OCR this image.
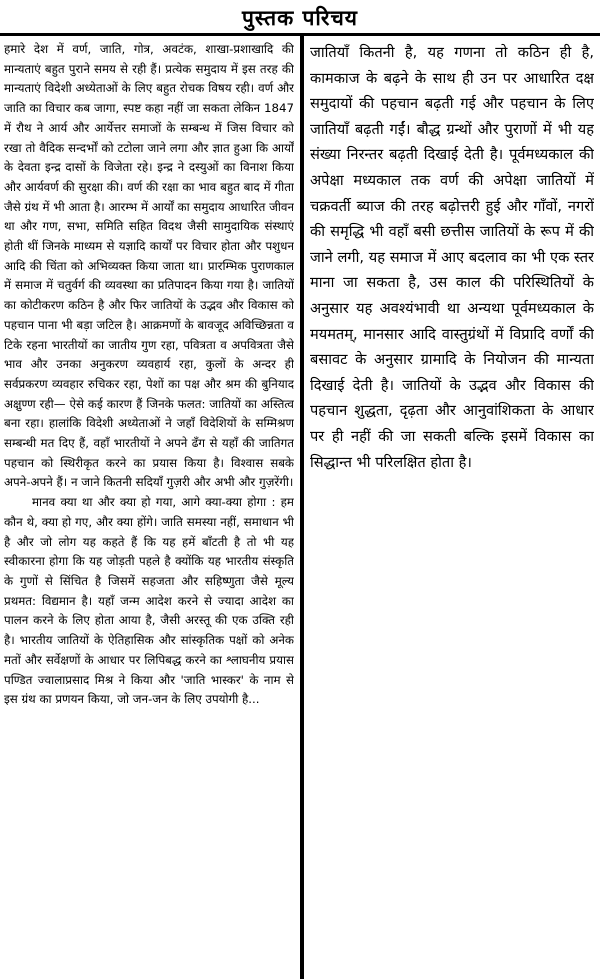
पुस्तक परिचय

हमारे देश में वर्ण, जाति, गोत्र, अवटंक, शाखा-प्रशाखादि की मान्यताएं बहुत पुराने समय से रही हैं। प्रत्येक समुदाय में इस तरह की मान्यताएं विदेशी अध्येताओं के लिए बहुत रोचक विषय रही। वर्ण और जाति का विचार कब जागा, स्पष्ट कहा नहीं जा सकता लेकिन 1847 में रौथ ने आर्य और आर्येत्तर समाजों के सम्बन्ध में जिस विचार को रखा तो वैदिक सन्दर्भों को टटोला जाने लगा और ज्ञात हुआ कि आर्यों के देवता इन्द्र दासों के विजेता रहे। इन्द्र ने दस्युओं का विनाश किया और आर्यवर्ण की सुरक्षा की। वर्ण की रक्षा का भाव बहुत बाद में गीता जैसे ग्रंथ में भी आता है। आरम्भ में आर्यों का समुदाय आधारित जीवन था और गण, सभा, समिति सहित विदथ जैसी सामुदायिक संस्थाएं होती थीं जिनके माध्यम से यज्ञादि कार्यों पर विचार होता और पशुधन आदि की चिंता को अभिव्यक्त किया जाता था। प्रारम्भिक पुराणकाल में समाज में चतुर्वर्ग की व्यवस्था का प्रतिपादन किया गया है। जातियों का कोटीकरण कठिन है और फिर जातियों के उद्भव और विकास को पहचान पाना भी बड़ा जटिल है। आक्रमणों के बावजूद अविच्छिन्नता व टिके रहना भारतीयों का जातीय गुण रहा, पवित्रता व अपवित्रता जैसे भाव और उनका अनुकरण व्यवहार्य रहा, कुलों के अन्दर ही सर्वप्रकरण व्यवहार रुचिकर रहा, पेशों का पक्ष और श्रम की बुनियाद अक्षुण्ण रही— ऐसे कई कारण हैं जिनके फलत: जातियों का अस्तित्व बना रहा। हालांकि विदेशी अध्येताओं ने जहाँ विदेशियों के सम्मिश्रण सम्बन्धी मत दिए हैं, वहाँ भारतीयों ने अपने ढँग से यहाँ की जातिगत पहचान को स्थिरीकृत करने का प्रयास किया है। विश्वास सबके अपने-अपने हैं। न जाने कितनी सदियाँ गुज़री और अभी और गुज़रेंगी।

मानव क्या था और क्या हो गया, आगे क्या-क्या होगा : हम कौन थे, क्या हो गए, और क्या होंगे। जाति समस्या नहीं, समाधान भी है और जो लोग यह कहते हैं कि यह हमें बाँटती है तो भी यह स्वीकारना होगा कि यह जोड़ती पहले है क्योंकि यह भारतीय संस्कृति के गुणों से सिंचित है जिसमें सहजता और सहिष्णुता जैसे मूल्य प्रथमत: विद्यमान है। यहाँ जन्म आदेश करने से ज्यादा आदेश का पालन करने के लिए होता आया है, जैसी अरस्तू की एक उक्ति रही है। भारतीय जातियों के ऐतिहासिक और सांस्कृतिक पक्षों को अनेक मतों और सर्वेक्षणों के आधार पर लिपिबद्ध करने का श्लाघनीय प्रयास पण्डित ज्वालाप्रसाद मिश्र ने किया और 'जाति भास्कर' के नाम से इस ग्रंथ का प्रणयन किया, जो जन-जन के लिए उपयोगी है...

जातियाँ कितनी है, यह गणना तो कठिन ही है, कामकाज के बढ़ने के साथ ही उन पर आधारित दक्ष समुदायों की पहचान बढ़ती गई और पहचान के लिए जातियाँ बढ़ती गईं। बौद्ध ग्रन्थों और पुराणों में भी यह संख्या निरन्तर बढ़ती दिखाई देती है। पूर्वमध्यकाल की अपेक्षा मध्यकाल तक वर्ण की अपेक्षा जातियों में चक्रवर्ती ब्याज की तरह बढ़ोत्तरी हुई और गाँवों, नगरों की समृद्धि भी वहाँ बसी छत्तीस जातियों के रूप में की जाने लगी, यह समाज में आए बदलाव का भी एक स्तर माना जा सकता है, उस काल की परिस्थितियों के अनुसार यह अवश्यंभावी था अन्यथा पूर्वमध्यकाल के मयमतम्, मानसार आदि वास्तुग्रंथों में विप्रादि वर्णों की बसावट के अनुसार ग्रामादि के नियोजन की मान्यता दिखाई देती है। जातियों के उद्भव और विकास की पहचान शुद्धता, दृढ़ता और आनुवांशिकता के आधार पर ही नहीं की जा सकती बल्कि इसमें विकास का सिद्धान्त भी परिलक्षित होता है।
